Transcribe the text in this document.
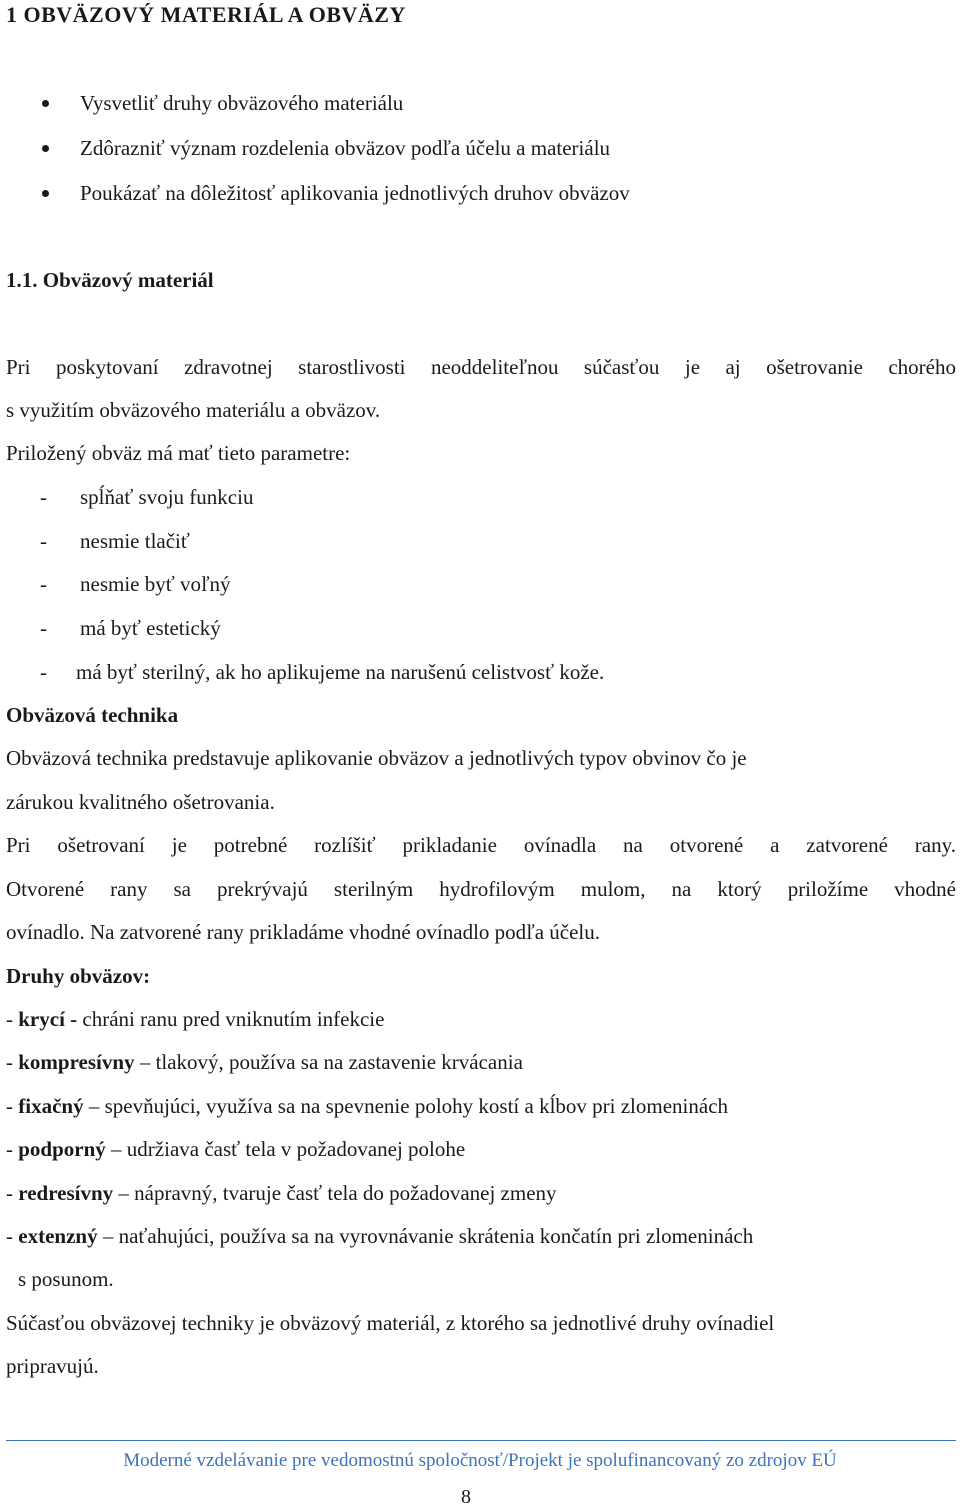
1 OBVÄZOVÝ MATERIÁL A OBVÄZY
Vysvetliť druhy obväzového materiálu
Zdôrazniť význam rozdelenia obväzov podľa účelu a materiálu
Poukázať na dôležitosť aplikovania jednotlivých druhov obväzov
1.1. Obväzový materiál
Pri poskytovaní zdravotnej starostlivosti neoddeliteľnou súčasťou je aj ošetrovanie chorého
s využitím obväzového materiálu a obväzov.
Priložený obväz má mať tieto parametre:
- spĺňať svoju funkciu
- nesmie tlačiť
- nesmie byť voľný
- má byť estetický
- má byť sterilný, ak ho aplikujeme na narušenú celistvosť kože.
Obväzová technika
Obväzová technika predstavuje aplikovanie obväzov a jednotlivých typov obvinov čo je
zárukou kvalitného ošetrovania.
Pri ošetrovaní je potrebné rozlíšiť prikladanie ovínadla na otvorené a zatvorené rany.
Otvorené rany sa prekrývajú sterilným hydrofilovým mulom, na ktorý priložíme vhodné
ovínadlo. Na zatvorené rany prikladáme vhodné ovínadlo podľa účelu.
Druhy obväzov:
- krycí - chráni ranu pred vniknutím infekcie
- kompresívny – tlakový, používa sa na zastavenie krvácania
- fixačný – spevňujúci, využíva sa na spevnenie polohy kostí a kĺbov pri zlomeninách
- podporný – udržiava časť tela v požadovanej polohe
- redresívny – nápravný, tvaruje časť tela do požadovanej zmeny
- extenzný – naťahujúci, používa sa na vyrovnávanie skrátenia končatín pri zlomeninách
s posunom.
Súčasťou obväzovej techniky je obväzový materiál, z ktorého sa jednotlivé druhy ovínadiel
pripravujú.
Moderné vzdelávanie pre vedomostnú spoločnosť/Projekt je spolufinancovaný zo zdrojov EÚ
8
